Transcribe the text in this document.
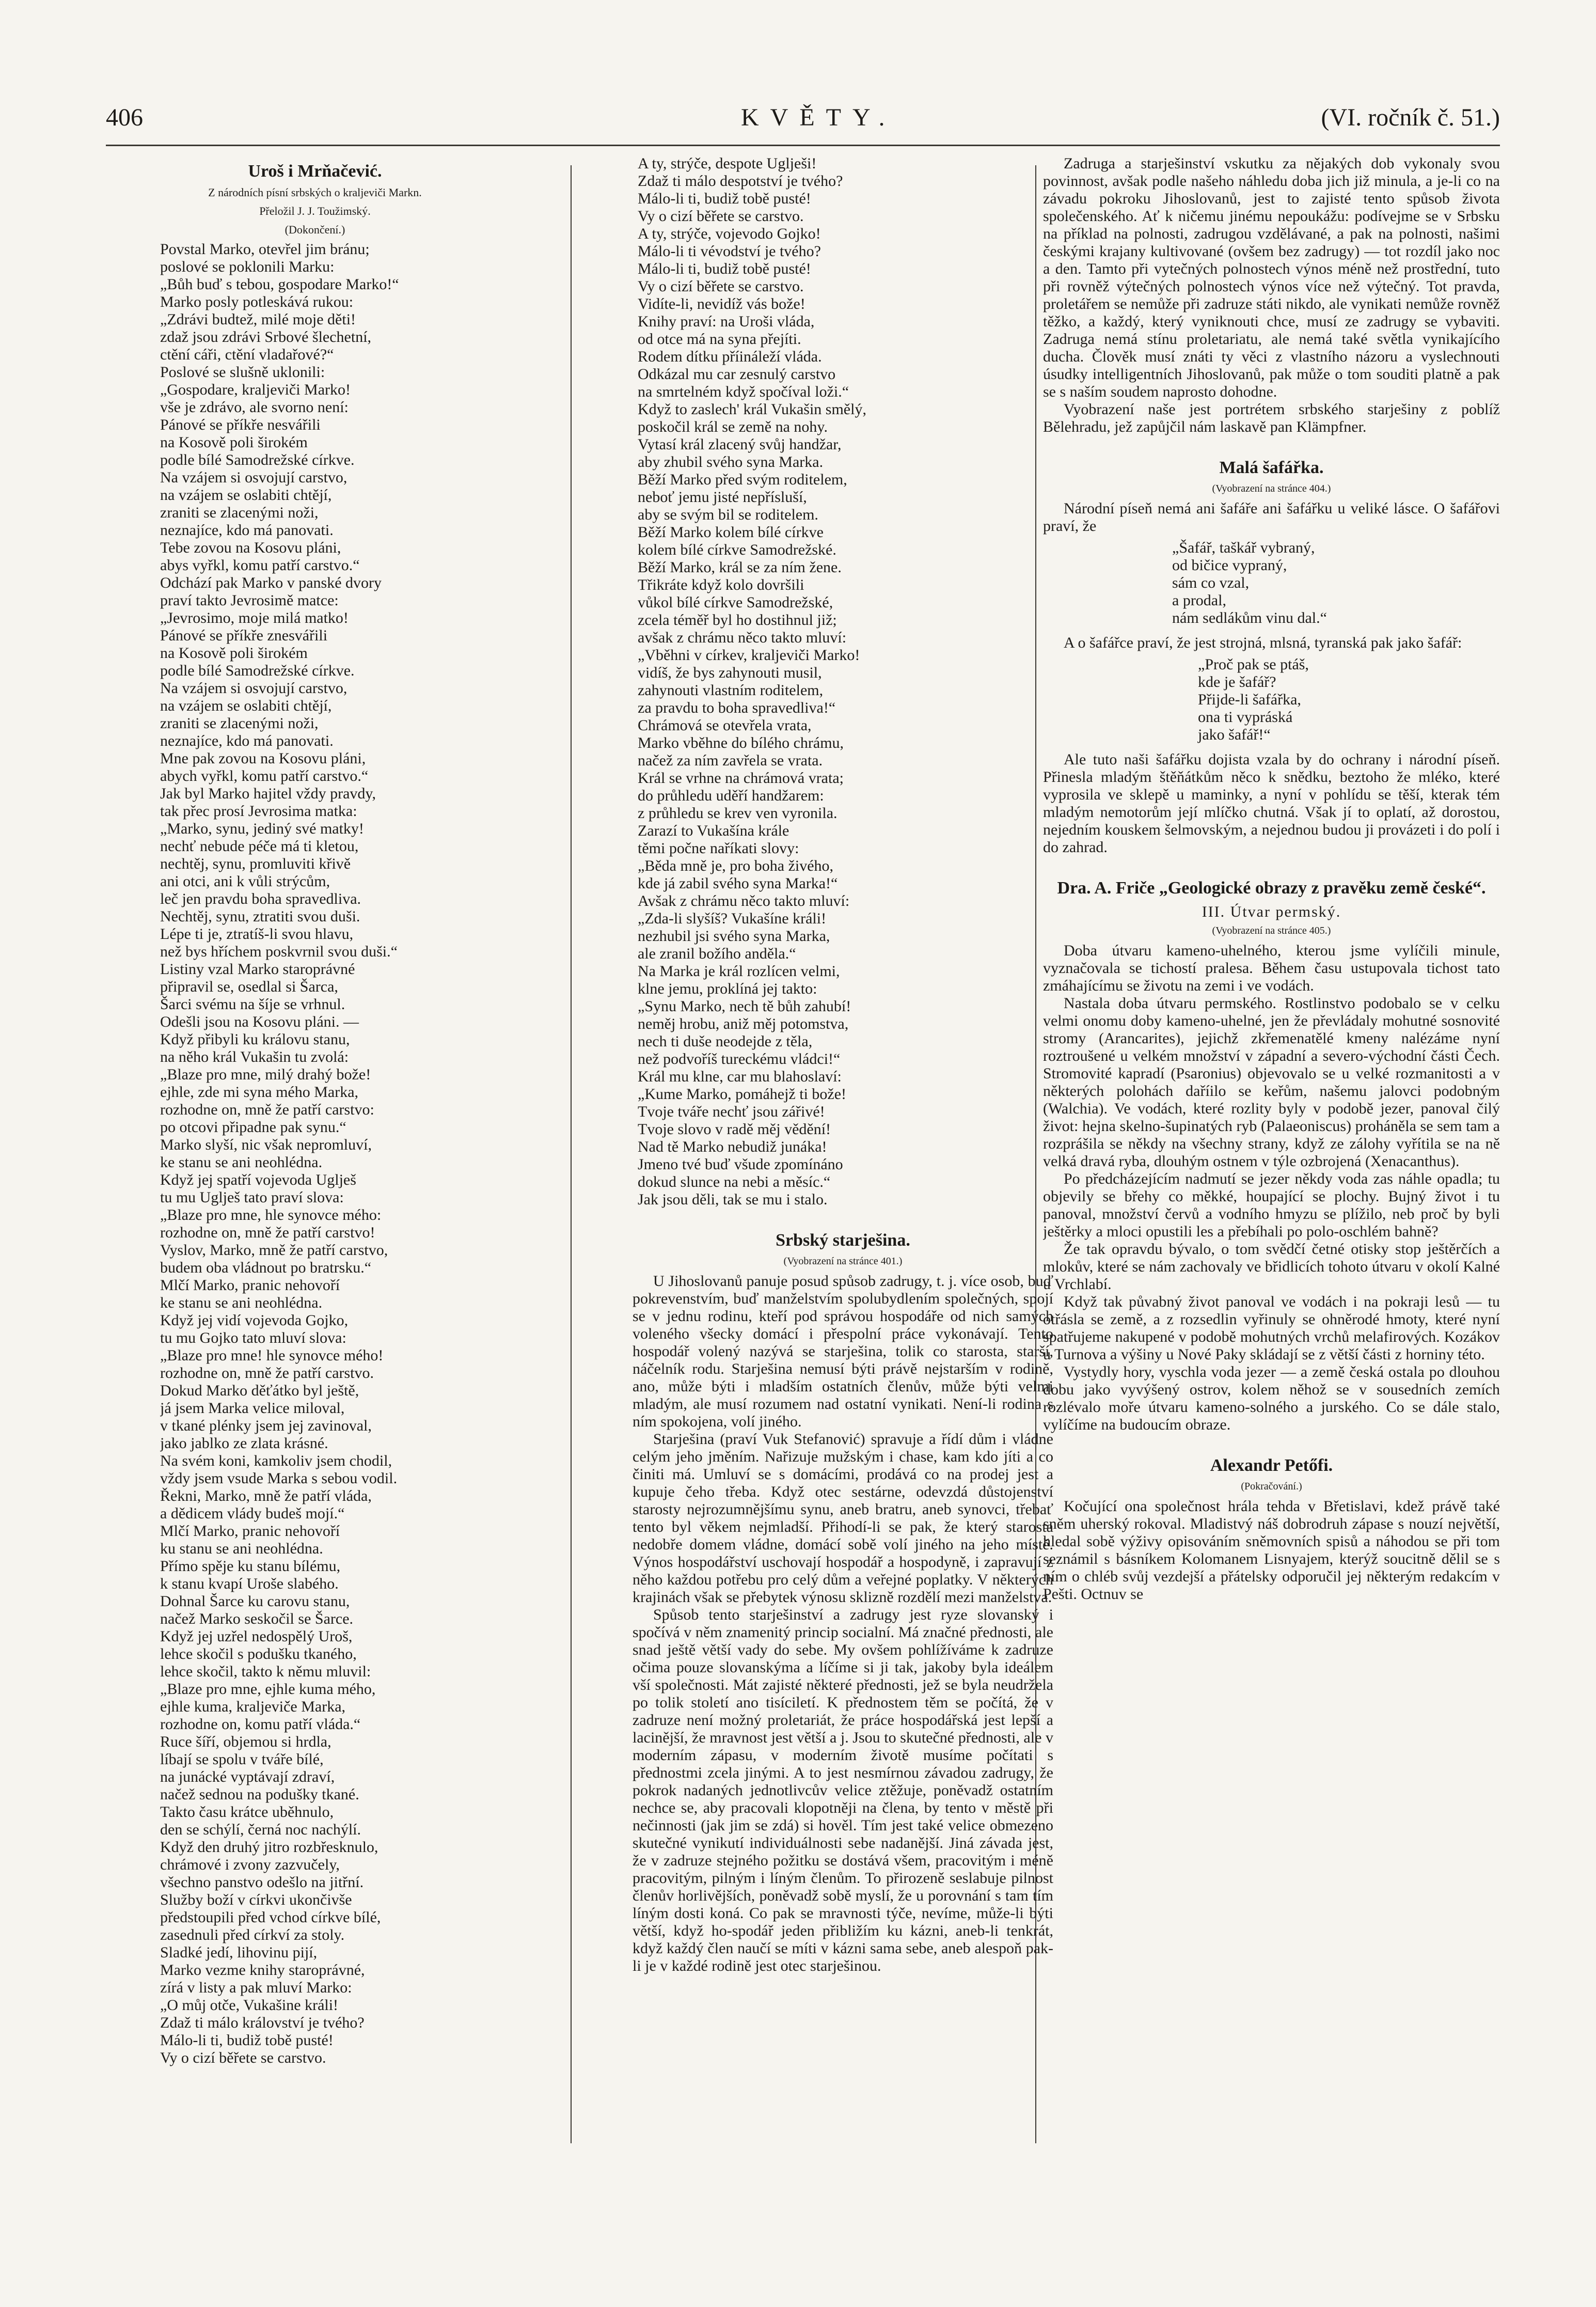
406	KVĚTY.	(VI. ročník č. 51.)
Uroš i Mrňačević.
Z národních písní srbských o kraljeviči Markn.
Přeložil J. J. Toužimský.
(Dokončení.)
Povstal Marko, otevřel jim bránu;
poslové se poklonili Marku:
„Bůh buď s tebou, gospodare Marko!“
Marko posly potleskává rukou:
„Zdrávi budtež, milé moje děti!
zdaž jsou zdrávi Srbové šlechetní,
ctění cáři, ctění vladařové?“
Poslové se slušně uklonili:
„Gospodare, kraljeviči Marko!
vše je zdrávo, ale svorno není:
Pánové se příkře nesvářili
na Kosově poli širokém
podle bílé Samodrežské církve.
Na vzájem si osvojují carstvo,
na vzájem se oslabiti chtějí,
zraniti se zlacenými noži,
neznajíce, kdo má panovati.
Tebe zovou na Kosovu pláni,
abys vyřkl, komu patří carstvo.“
Odchází pak Marko v panské dvory
praví takto Jevrosimě matce:
„Jevrosimo, moje milá matko!
Pánové se příkře znesvářili
na Kosově poli širokém
podle bílé Samodrežské církve.
Na vzájem si osvojují carstvo,
na vzájem se oslabiti chtějí,
zraniti se zlacenými noži,
neznajíce, kdo má panovati.
Mne pak zovou na Kosovu pláni,
abych vyřkl, komu patří carstvo.“
Jak byl Marko hajitel vždy pravdy,
tak přec prosí Jevrosima matka:
„Marko, synu, jediný své matky!
nechť nebude péče má ti kletou,
nechtěj, synu, promluviti křivě
ani otci, ani k vůli strýcům,
leč jen pravdu boha spravedliva.
Nechtěj, synu, ztratiti svou duši.
Lépe ti je, ztratíš-li svou hlavu,
než bys hříchem poskvrnil svou duši.“
Listiny vzal Marko staroprávné
připravil se, osedlal si Šarca,
Šarci svému na šíje se vrhnul.
Odešli jsou na Kosovu pláni. —
Když přibyli ku královu stanu,
na něho král Vukašin tu zvolá:
„Blaze pro mne, milý drahý bože!
ejhle, zde mi syna mého Marka,
rozhodne on, mně že patří carstvo:
po otcovi připadne pak synu.“
Marko slyší, nic však nepromluví,
ke stanu se ani neohlédna.
Když jej spatří vojevoda Uglješ
tu mu Uglješ tato praví slova:
„Blaze pro mne, hle synovce mého:
rozhodne on, mně že patří carstvo!
Vyslov, Marko, mně že patří carstvo,
budem oba vládnout po bratrsku.“
Mlčí Marko, pranic nehovoří
ke stanu se ani neohlédna.
Když jej vidí vojevoda Gojko,
tu mu Gojko tato mluví slova:
„Blaze pro mne! hle synovce mého!
rozhodne on, mně že patří carstvo.
Dokud Marko děťátko byl ještě,
já jsem Marka velice miloval,
v tkané plénky jsem jej zavinoval,
jako jablko ze zlata krásné.
Na svém koni, kamkoliv jsem chodil,
vždy jsem vsude Marka s sebou vodil.
Řekni, Marko, mně že patří vláda,
a dědicem vlády budeš mojí.“
Mlčí Marko, pranic nehovoří
ku stanu se ani neohlédna.
Přímo spěje ku stanu bílému,
k stanu kvapí Uroše slabého.
Dohnal Šarce ku carovu stanu,
načež Marko seskočil se Šarce.
Když jej uzřel nedospělý Uroš,
lehce skočil s podušku tkaného,
lehce skočil, takto k němu mluvil:
„Blaze pro mne, ejhle kuma mého,
ejhle kuma, kraljeviče Marka,
rozhodne on, komu patří vláda.“
Ruce šíří, objemou si hrdla,
líbají se spolu v tváře bílé,
na junácké vyptávají zdraví,
načež sednou na podušky tkané.
Takto času krátce uběhnulo,
den se schýlí, černá noc nachýlí.
Když den druhý jitro rozbřesknulo,
chrámové i zvony zazvučely,
všechno panstvo odešlo na jitřní.
Služby boží v církvi ukončivše
předstoupili před vchod církve bílé,
zasednuli před církví za stoly.
Sladké jedí, lihovinu pijí,
Marko vezme knihy staroprávné,
zírá v listy a pak mluví Marko:
„O můj otče, Vukašine králi!
Zdaž ti málo království je tvého?
Málo-li ti, budiž tobě pusté!
Vy o cizí běřete se carstvo.
A ty, strýče, despote Uglješi!
Zdaž ti málo despotství je tvého?
Málo-li ti, budiž tobě pusté!
Vy o cizí běřete se carstvo.
A ty, strýče, vojevodo Gojko!
Málo-li ti vévodství je tvého?
Málo-li ti, budiž tobě pusté!
Vy o cizí běřete se carstvo.
Vidíte-li, nevidíž vás bože!
Knihy praví: na Uroši vláda,
od otce má na syna přejíti.
Rodem dítku příináleží vláda.
Odkázal mu car zesnulý carstvo
na smrtelném když spočíval loži.“
Když to zaslech' král Vukašin smělý,
poskočil král se země na nohy.
Vytasí král zlacený svůj handžar,
aby zhubil svého syna Marka.
Běží Marko před svým roditelem,
neboť jemu jisté nepřísluší,
aby se svým bil se roditelem.
Běží Marko kolem bílé církve
kolem bílé církve Samodrežské.
Běží Marko, král se za ním žene.
Třikráte když kolo dovršili
vůkol bílé církve Samodrežské,
zcela téměř byl ho dostihnul již;
avšak z chrámu něco takto mluví:
„Vběhni v církev, kraljeviči Marko!
vidíš, že bys zahynouti musil,
zahynouti vlastním roditelem,
za pravdu to boha spravedliva!“
Chrámová se otevřela vrata,
Marko vběhne do bílého chrámu,
načež za ním zavřela se vrata.
Král se vrhne na chrámová vrata;
do průhledu uděří handžarem:
z průhledu se krev ven vyronila.
Zarazí to Vukašína krále
těmi počne naříkati slovy:
„Běda mně je, pro boha živého,
kde já zabil svého syna Marka!“
Avšak z chrámu něco takto mluví:
„Zda-li slyšíš? Vukašíne králi!
nezhubil jsi svého syna Marka,
ale zranil božího anděla.“
Na Marka je král rozlícen velmi,
klne jemu, proklíná jej takto:
„Synu Marko, nech tě bůh zahubí!
neměj hrobu, aniž měj potomstva,
nech ti duše neodejde z těla,
než podvoříš tureckému vládci!“
Král mu klne, car mu blahoslaví:
„Kume Marko, pomáhejž ti bože!
Tvoje tváře nechť jsou zářivé!
Tvoje slovo v radě měj vědění!
Nad tě Marko nebudiž junáka!
Jmeno tvé buď všude zpomínáno
dokud slunce na nebi a měsíc.“
Jak jsou děli, tak se mu i stalo.
Srbský starješina.
(Vyobrazení na stránce 401.)

U Jihoslovanů panuje posud spůsob zadrugy, t. j. více osob, buď pokrevenstvím, buď manželstvím spolubydlením společných, spojí se v jednu rodinu, kteří pod správou hospodáře od nich samých voleného všecky domácí i přespolní práce vykonávají. Tento hospodář volený nazývá se starješina, tolik co starosta, starší, náčelník rodu. Starješina nemusí býti právě nejstarším v rodině, ano, může býti i mladším ostatních členův, může býti velmi mladým, ale musí rozumem nad ostatní vynikati. Není-li rodina s ním spokojena, volí jiného.

Starješina (praví Vuk Stefanović) spravuje a řídí dům i vládne celým jeho jměním. Nařizuje mužským i chase, kam kdo jíti a co činiti má. Umluví se s domácími, prodává co na prodej jest a kupuje čeho třeba. Když otec sestárne, odevzdá důstojenství starosty nejrozumnějšímu synu, aneb bratru, aneb synovci, třebať tento byl věkem nejmladší. Přihodí-li se pak, že který starosta nedobře domem vládne, domácí sobě volí jiného na jeho místě. Výnos hospodářství uschovají hospodář a hospodyně, i zapravují z něho každou potřebu pro celý dům a veřejné poplatky. V některých krajinách však se přebytek výnosu sklizně rozdělí mezi manželstva.

Spůsob tento starješinství a zadrugy jest ryze slovanský i spočívá v něm znamenitý princip socialní. Má značné přednosti, ale snad ještě větší vady do sebe. My ovšem pohlížíváme k zadruze očima pouze slovanskýma a líčíme si ji tak, jakoby byla ideálem vší společnosti. Mát zajisté některé přednosti, jež se byla neudržela po tolik století ano tisíciletí. K přednostem těm se počítá, že v zadruze není možný proletariát, že práce hospodářská jest lepší a lacinější, že mravnost jest větší a j. Jsou to skutečné přednosti, ale v moderním zápasu, v moderním životě musíme počítati s přednostmi zcela jinými. A to jest nesmírnou závadou zadrugy, že pokrok nadaných jednotlivcův velice ztěžuje, poněvadž ostatním nechce se, aby pracovali klopotněji na člena, by tento v městě při nečinnosti (jak jim se zdá) si hověl. Tím jest také velice obmezeno skutečné vynikutí individuálnosti sebe nadanější. Jiná závada jest, že v zadruze stejného požitku se dostává všem, pracovitým i méně pracovitým, pilným i líným členům. To přirozeně seslabuje pilnost členův horlivějších, poněvadž sobě myslí, že u porovnání s tam tím líným dosti koná. Co pak se mravnosti týče, nevíme, může-li býti větší, když ho-spodář jeden přibližím ku kázni, aneb-li tenkrát, když každý člen naučí se míti v kázni sama sebe, aneb alespoň pak-li je v každé rodině jest otec starješinou.

Zadruga a starješinství vskutku za nějakých dob vykonaly svou povinnost, avšak podle našeho náhledu doba jich již minula, a je-li co na závadu pokroku Jihoslovanů, jest to zajisté tento spůsob života společenského. Ať k ničemu jinému nepoukážu: podívejme se v Srbsku na příklad na polnosti, zadrugou vzdělávané, a pak na polnosti, našimi českými krajany kultivované (ovšem bez zadrugy) — tot rozdíl jako noc a den. Tamto při vytečných polnostech výnos méně než prostřední, tuto při rovněž výtečných polnostech výnos více než výtečný. Tot pravda, proletářem se nemůže při zadruze státi nikdo, ale vynikati nemůže rovněž těžko, a každý, který vyniknouti chce, musí ze zadrugy se vybaviti. Zadruga nemá stínu proletariatu, ale nemá také světla vynikajícího ducha. Člověk musí znáti ty věci z vlastního názoru a vyslechnouti úsudky intelligentních Jihoslovanů, pak může o tom souditi platně a pak se s naším soudem naprosto dohodne.

Vyobrazení naše jest portrétem srbského starješiny z poblíž Bělehradu, jež zapůjčil nám laskavě pan Klämpfner.

Malá šafářka.
(Vyobrazení na stránce 404.)

Národní píseň nemá ani šafáře ani šafářku u veliké lásce. O šafářovi praví, že

„Šafář, taškář vybraný,
od bičice vypraný,
sám co vzal,
a prodal,
nám sedlákům vinu dal.“

A o šafářce praví, že jest strojná, mlsná, tyranská pak jako šafář:

„Proč pak se ptáš,
kde je šafář?
Přijde-li šafářka,
ona ti vypráská
jako šafář!“

Ale tuto naši šafářku dojista vzala by do ochrany i národní píseň. Přinesla mladým štěňátkům něco k snědku, beztoho že mléko, které vyprosila ve sklepě u maminky, a nyní v pohlídu se těší, kterak tém mladým nemotorům její mlíčko chutná. Však jí to oplatí, až dorostou, nejedním kouskem šelmovským, a nejednou budou ji provázeti i do polí i do zahrad.

Dra. A. Friče „Geologické obrazy z pravěku země české“.
III. Útvar permský.
(Vyobrazení na stránce 405.)

Doba útvaru kameno-uhelného, kterou jsme vylíčili minule, vyznačovala se tichostí pralesa. Během času ustupovala tichost tato zmáhajícímu se životu na zemi i ve vodách.

Nastala doba útvaru permského. Rostlinstvo podobalo se v celku velmi onomu doby kameno-uhelné, jen že převládaly mohutné sosnovité stromy (Arancarites), jejichž zkřemenatělé kmeny nalézáme nyní roztroušené u velkém množství v západní a severo-východní části Čech. Stromovité kapradí (Psaronius) objevovalo se u velké rozmanitosti a v některých polohách daříilo se keřům, našemu jalovci podobným (Walchia). Ve vodách, které rozlity byly v podobě jezer, panoval čilý život: hejna skelno-šupinatých ryb (Palaeoniscus) proháněla se sem tam a rozprášila se někdy na všechny strany, když ze zálohy vyřítila se na ně velká dravá ryba, dlouhým ostnem v týle ozbrojená (Xenacanthus).

Po předcházejícím nadmutí se jezer někdy voda zas náhle opadla; tu objevily se břehy co měkké, houpající se plochy. Bujný život i tu panoval, množství červů a vodního hmyzu se plížilo, neb proč by byli ještěrky a mloci opustili les a přebíhali po polo-oschlém bahně?

Že tak opravdu bývalo, o tom svědčí četné otisky stop ještěrčích a mlokův, které se nám zachovaly ve břidlicích tohoto útvaru v okolí Kalné u Vrchlabí.

Když tak půvabný život panoval ve vodách i na pokraji lesů — tu otřásla se země, a z rozsedlin vyřinuly se ohněrodé hmoty, které nyní spatřujeme nakupené v podobě mohutných vrchů melafirových. Kozákov u Turnova a výšiny u Nové Paky skládají se z větší části z horniny této.

Vystydly hory, vyschla voda jezer — a země česká ostala po dlouhou dobu jako vyvýšený ostrov, kolem něhož se v sousedních zemích rozlévalo moře útvaru kameno-solného a jurského. Co se dále stalo, vylíčíme na budoucím obraze.

Alexandr Petőfi.
(Pokračování.)

Kočující ona společnost hrála tehda v Břetislavi, kdež právě také sněm uherský rokoval. Mladistvý náš dobrodruh zápase s nouzí největší, hledal sobě výživy opisováním sněmovních spisů a náhodou se při tom seznámil s básníkem Kolomanem Lisnyajem, kterýž soucitně dělil se s ním o chléb svůj vezdejší a přátelsky odporučil jej některým redakcím v Pešti. Octnuv se
